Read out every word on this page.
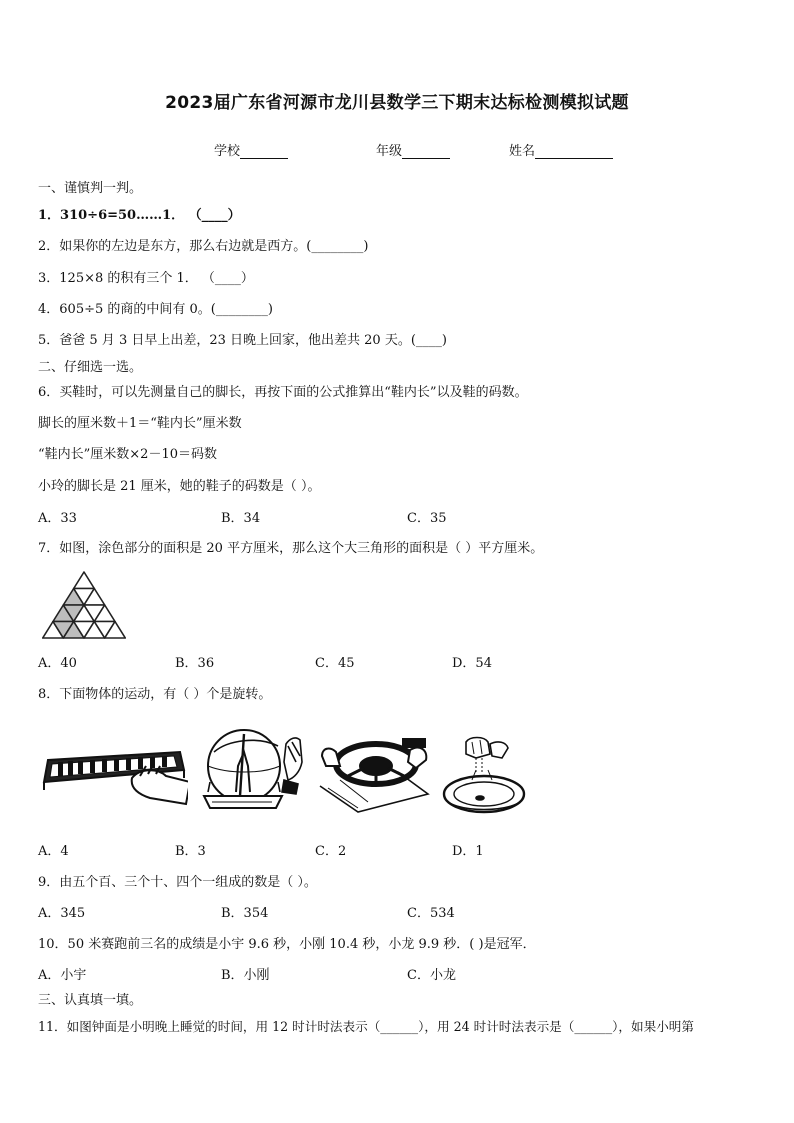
2023届广东省河源市龙川县数学三下期末达标检测模拟试题
学校	年级	姓名
一、谨慎判一判。
1．310÷6=50……1． （____）
2．如果你的左边是东方，那么右边就是西方。(________)
3．125×8 的积有三个 1． （____）
4．605÷5 的商的中间有 0。(________)
5．爸爸 5 月 3 日早上出差，23 日晚上回家，他出差共 20 天。(____)
二、仔细选一选。
6．买鞋时，可以先测量自己的脚长，再按下面的公式推算出“鞋内长”以及鞋的码数。
脚长的厘米数＋1＝“鞋内长”厘米数
“鞋内长”厘米数×2－10＝码数
小玲的脚长是 21 厘米，她的鞋子的码数是（ ）。
A．33	B．34	C．35
7．如图，涂色部分的面积是 20 平方厘米，那么这个大三角形的面积是（ ）平方厘米。
A．40	B．36	C．45	D．54
8．下面物体的运动，有（ ）个是旋转。
A．4	B．3	C．2	D．1
9．由五个百、三个十、四个一组成的数是（ ）。
A．345	B．354	C．534
10．50 米赛跑前三名的成绩是小宇 9.6 秒，小刚 10.4 秒，小龙 9.9 秒．( )是冠军．
A．小宇	B．小刚	C．小龙
三、认真填一填。
11．如图钟面是小明晚上睡觉的时间，用 12 时计时法表示（______），用 24 时计时法表示是（______），如果小明第
